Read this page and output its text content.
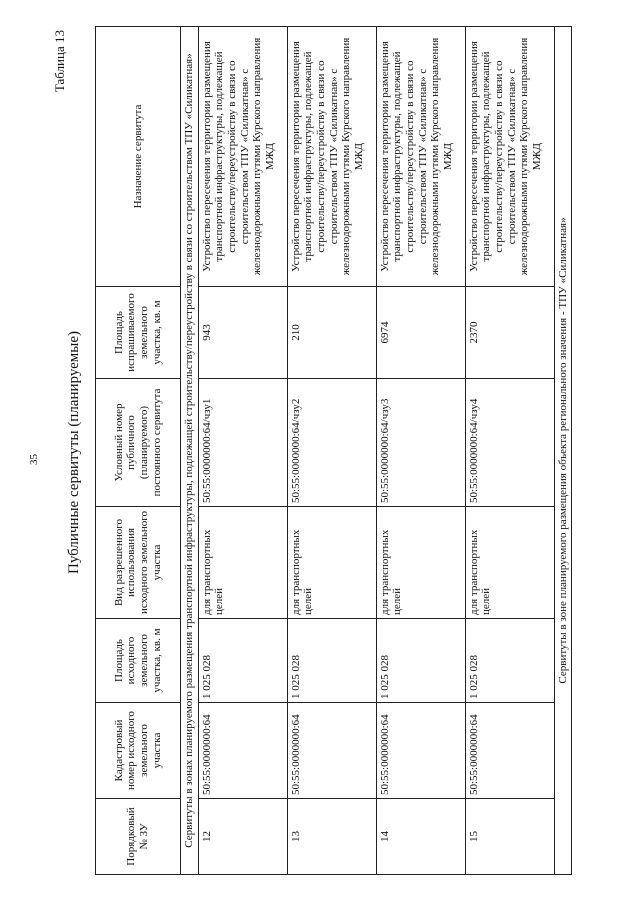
35
Таблица 13
Публичные сервитуты (планируемые)
Порядковый № ЗУ	Кадастровый номер исходного земельного участка	Площадь исходного земельного участка, кв. м	Вид разрешенного использования исходного земельного участка	Условный номер публичного (планируемого) постоянного сервитута	Площадь испрашиваемого земельного участка, кв. м	Назначение сервитута
Сервитуты в зонах планируемого размещения транспортной инфраструктуры, подлежащей строительству/переустройству в связи со строительством ТПУ «Силикатная»						
12	50:55:0000000:64	1 025 028	для транспортных целей	50:55:0000000:64/чзу1	943	Устройство пересечения территории размещения транспортной инфраструктуры, подлежащей строительству/переустройству в связи со строительством ТПУ «Силикатная» с железнодорожными путями Курского направления МЖД
13	50:55:0000000:64	1 025 028	для транспортных целей	50:55:0000000:64/чзу2	210	Устройство пересечения территории размещения транспортной инфраструктуры, подлежащей строительству/переустройству в связи со строительством ТПУ «Силикатная» с железнодорожными путями Курского направления МЖД
14	50:55:0000000:64	1 025 028	для транспортных целей	50:55:0000000:64/чзу3	6974	Устройство пересечения территории размещения транспортной инфраструктуры, подлежащей строительству/переустройству в связи со строительством ТПУ «Силикатная» с железнодорожными путями Курского направления МЖД
15	50:55:0000000:64	1 025 028	для транспортных целей	50:55:0000000:64/чзу4	2370	Устройство пересечения территории размещения транспортной инфраструктуры, подлежащей строительству/переустройству в связи со строительством ТПУ «Силикатная» с железнодорожными путями Курского направления МЖД
Сервитуты в зоне планируемого размещения объекта регионального значения - ТПУ «Силикатная»						
